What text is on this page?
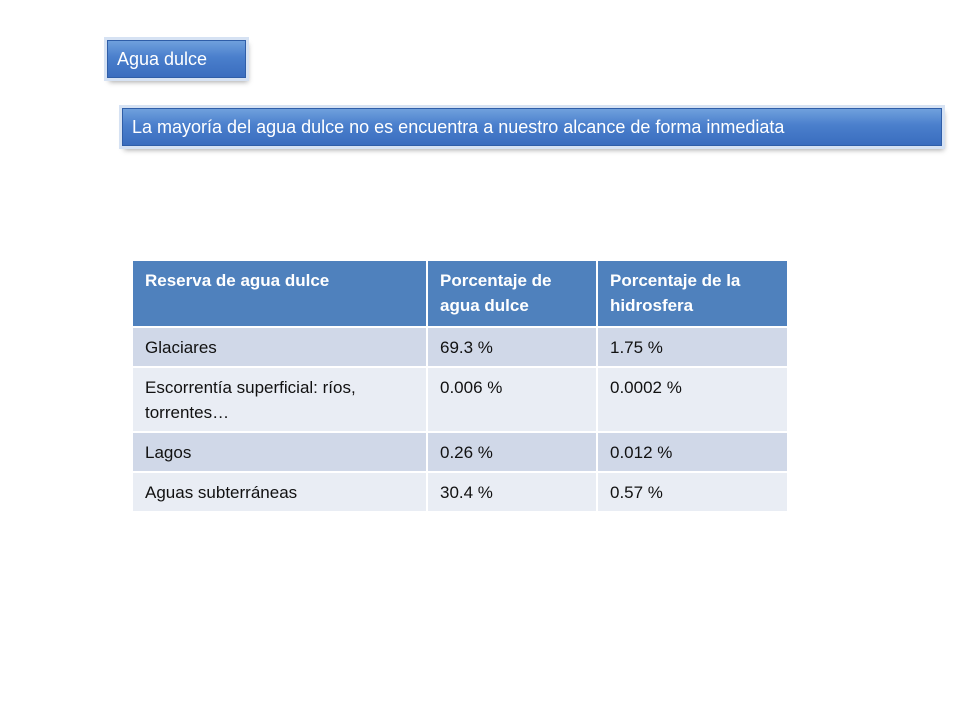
Agua dulce
La mayoría del agua dulce no es encuentra a nuestro alcance de forma inmediata
Reserva de agua dulce	Porcentaje de agua dulce	Porcentaje de la hidrosfera
Glaciares	69.3 %	1.75 %
Escorrentía superficial: ríos, torrentes…	0.006 %	0.0002 %
Lagos	0.26 %	0.012 %
Aguas subterráneas	30.4 %	0.57 %
